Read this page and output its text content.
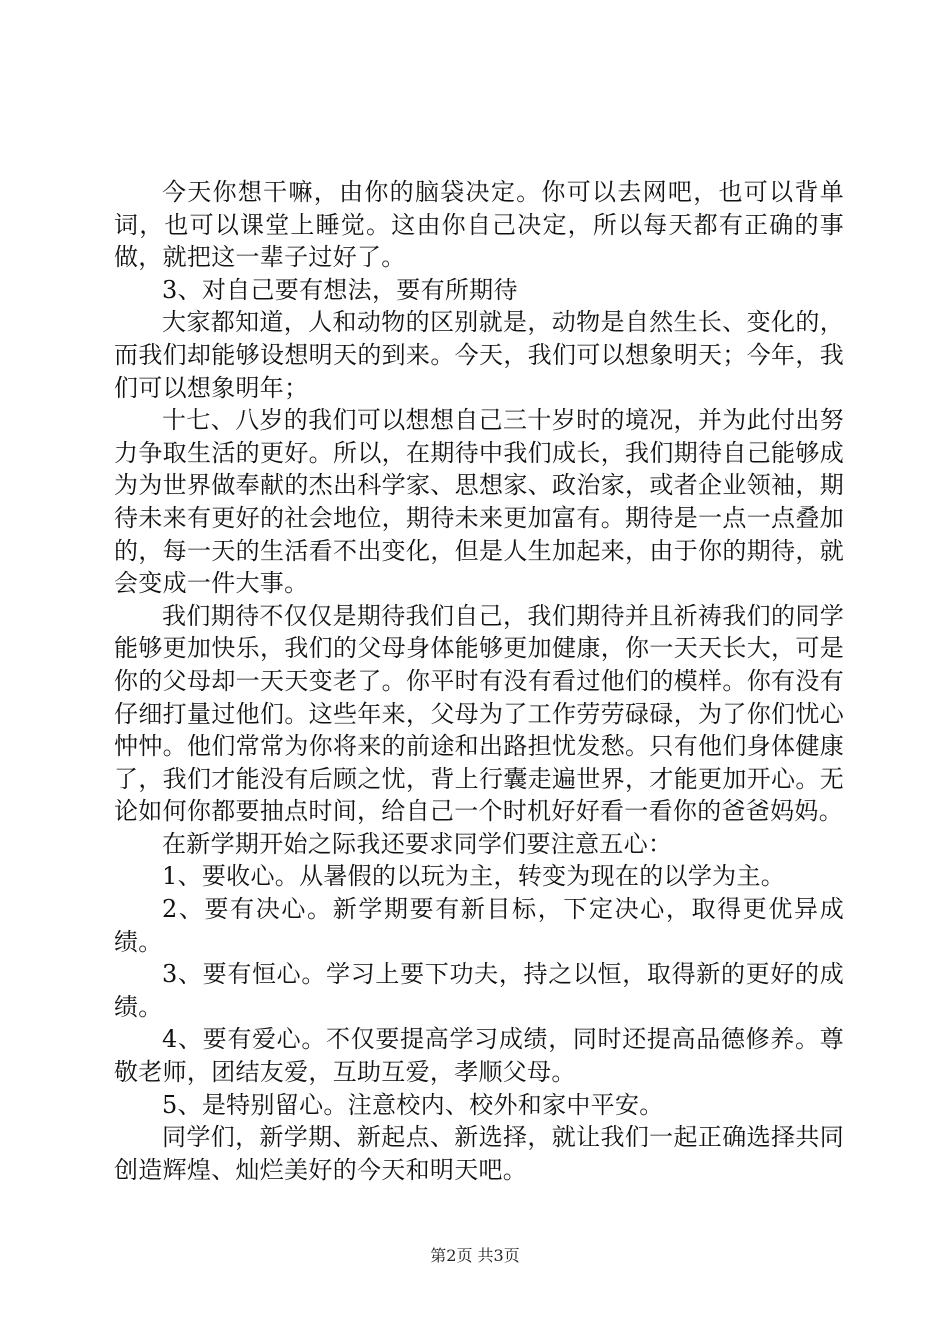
今天你想干嘛，由你的脑袋决定。你可以去网吧，也可以背单词，也可以课堂上睡觉。这由你自己决定，所以每天都有正确的事做，就把这一辈子过好了。

3、对自己要有想法，要有所期待

大家都知道，人和动物的区别就是，动物是自然生长、变化的，而我们却能够设想明天的到来。今天，我们可以想象明天；今年，我们可以想象明年；

十七、八岁的我们可以想想自己三十岁时的境况，并为此付出努力争取生活的更好。所以，在期待中我们成长，我们期待自己能够成为为世界做奉献的杰出科学家、思想家、政治家，或者企业领袖，期待未来有更好的社会地位，期待未来更加富有。期待是一点一点叠加的，每一天的生活看不出变化，但是人生加起来，由于你的期待，就会变成一件大事。

我们期待不仅仅是期待我们自己，我们期待并且祈祷我们的同学能够更加快乐，我们的父母身体能够更加健康，你一天天长大，可是你的父母却一天天变老了。你平时有没有看过他们的模样。你有没有仔细打量过他们。这些年来，父母为了工作劳劳碌碌，为了你们忧心忡忡。他们常常为你将来的前途和出路担忧发愁。只有他们身体健康了，我们才能没有后顾之忧，背上行囊走遍世界，才能更加开心。无论如何你都要抽点时间，给自己一个时机好好看一看你的爸爸妈妈。

在新学期开始之际我还要求同学们要注意五心：

1、要收心。从暑假的以玩为主，转变为现在的以学为主。

2、要有决心。新学期要有新目标，下定决心，取得更优异成绩。

3、要有恒心。学习上要下功夫，持之以恒，取得新的更好的成绩。

4、要有爱心。不仅要提高学习成绩，同时还提高品德修养。尊敬老师，团结友爱，互助互爱，孝顺父母。

5、是特别留心。注意校内、校外和家中平安。

同学们，新学期、新起点、新选择，就让我们一起正确选择共同创造辉煌、灿烂美好的今天和明天吧。

第2页 共3页
